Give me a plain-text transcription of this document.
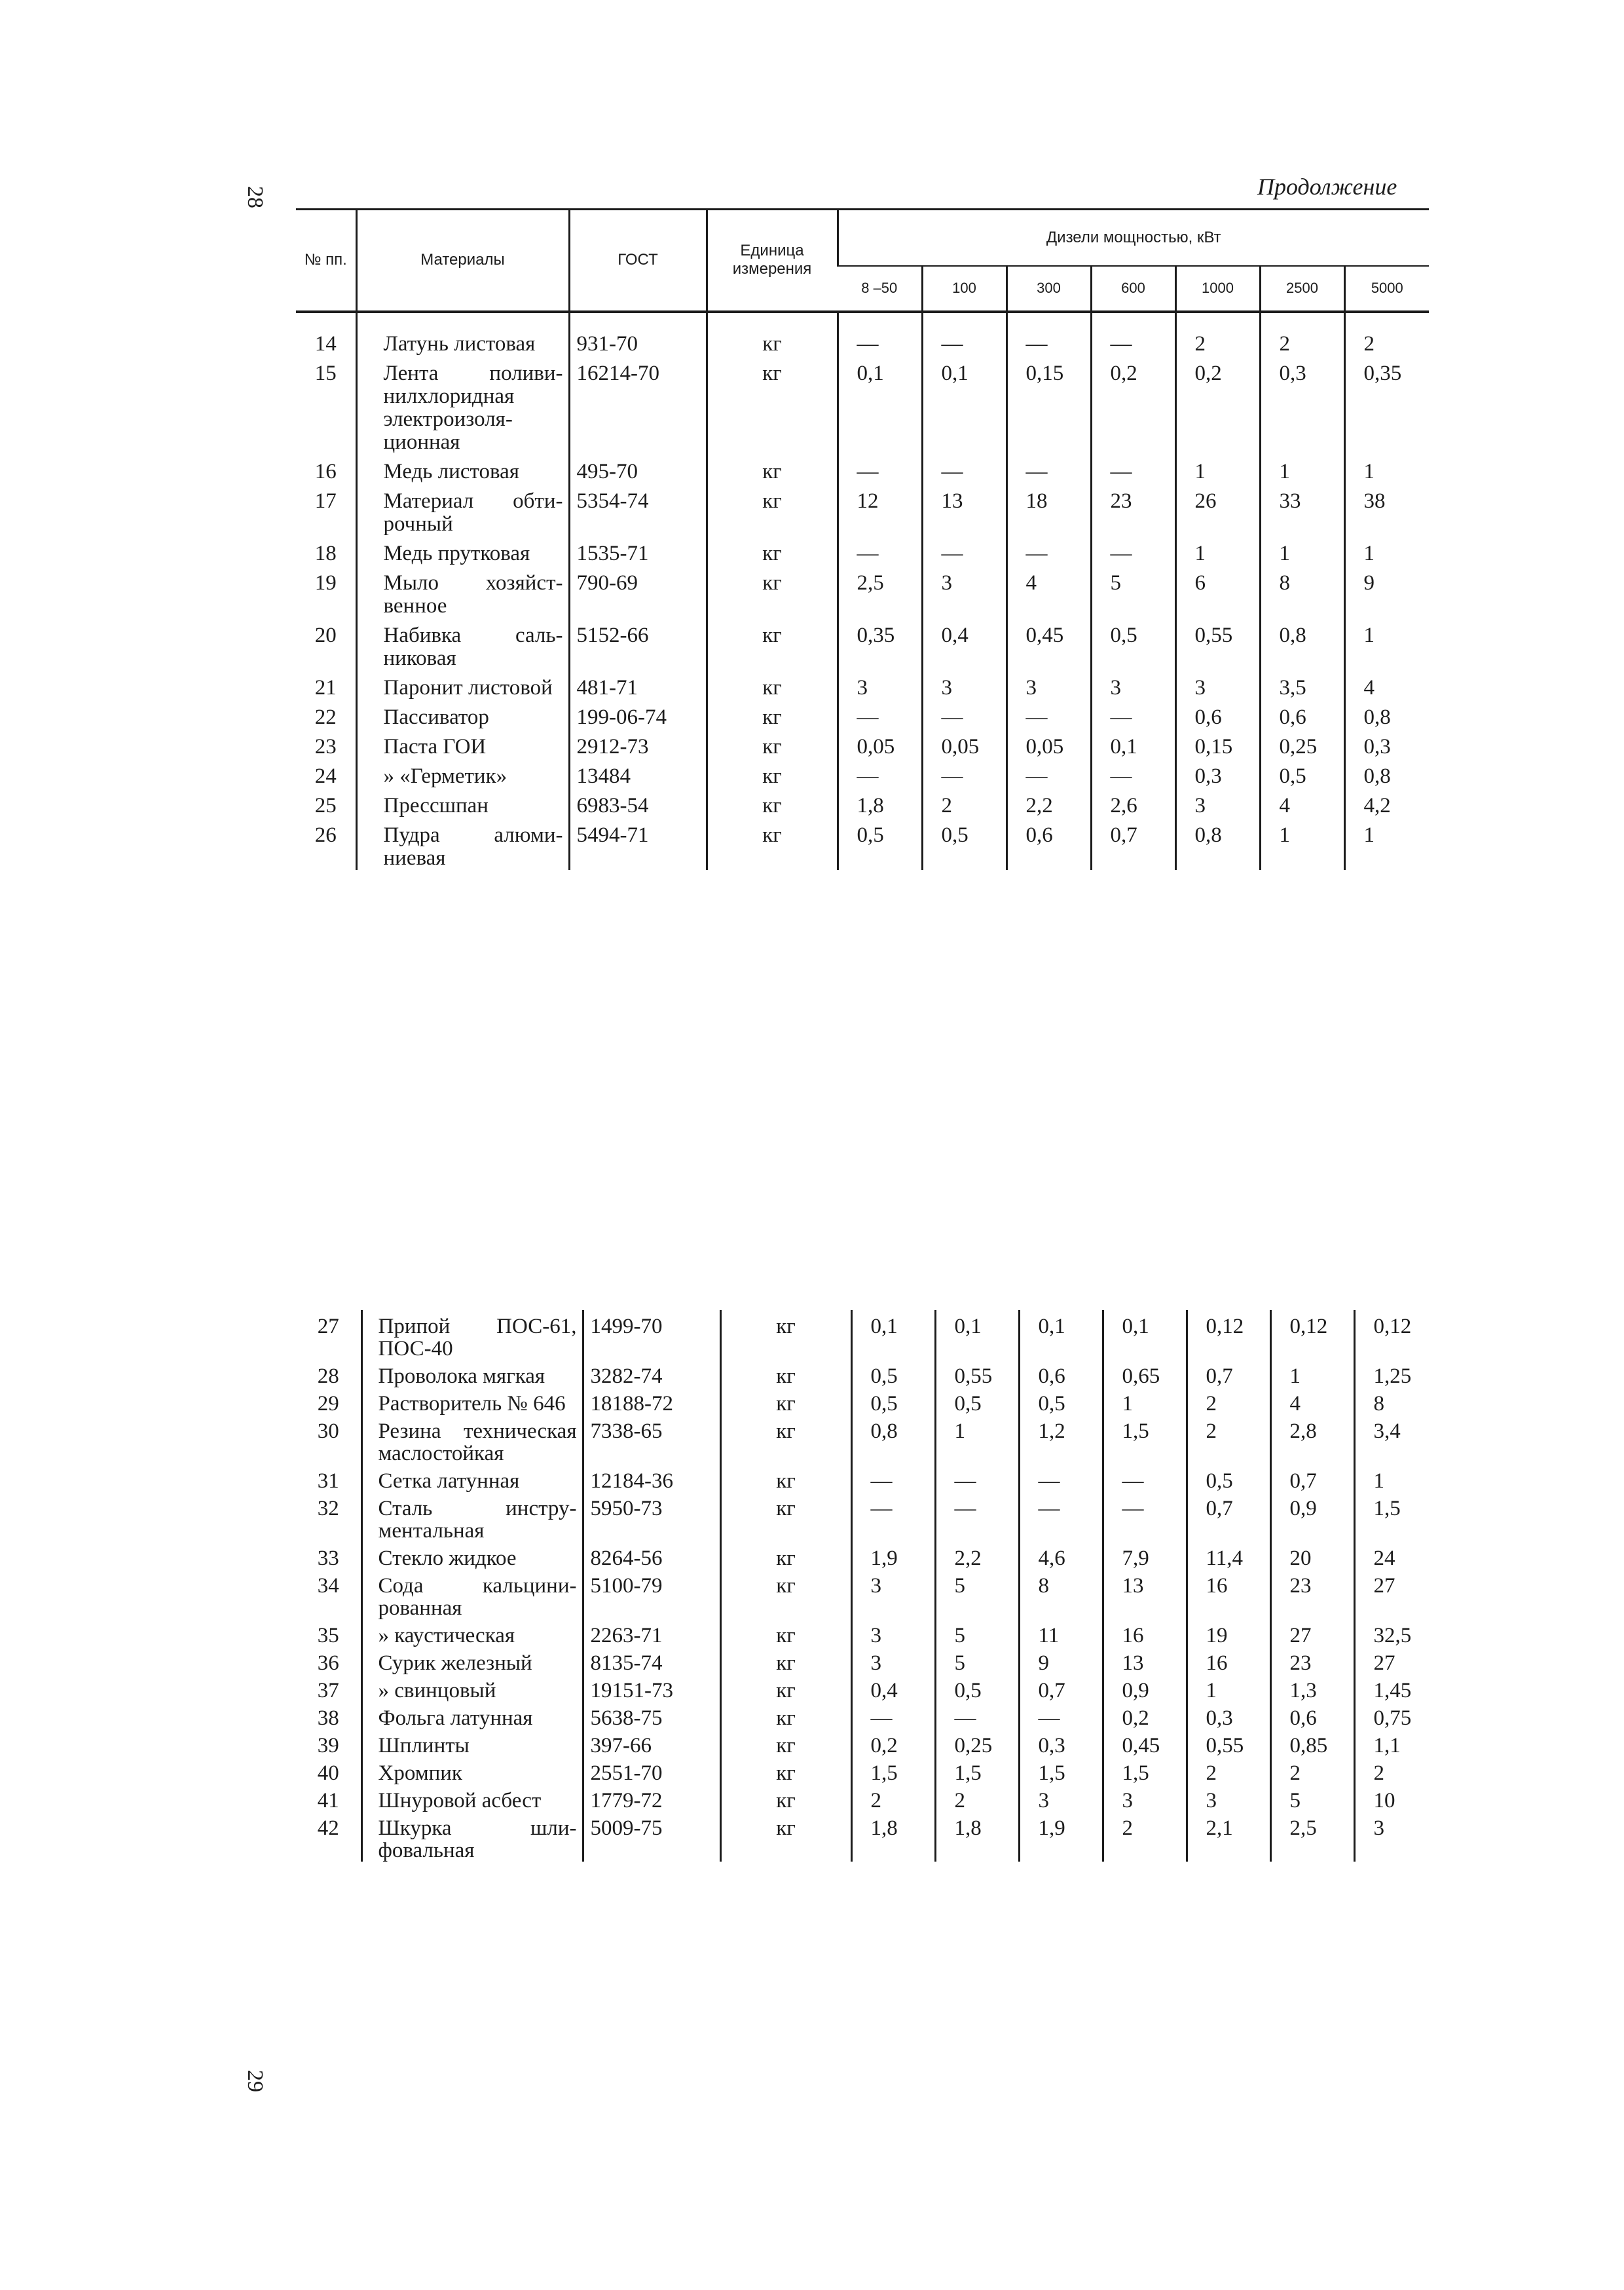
28	Продолжение
№ пп.	Материалы	ГОСТ	Единица измерения	Дизели мощностью, кВт						
				8 –50	100	300	600	1000	2500	5000
14	Латунь листовая	931-70	кг	—	—	—	—	2	2	2
15	Лента поливинилхлоридная электроизоляционная	16214-70	кг	0,1	0,1	0,15	0,2	0,2	0,3	0,35
16	Медь листовая	495-70	кг	—	—	—	—	1	1	1
17	Материал обтирочный	5354-74	кг	12	13	18	23	26	33	38
18	Медь прутковая	1535-71	кг	—	—	—	—	1	1	1
19	Мыло хозяйственное	790-69	кг	2,5	3	4	5	6	8	9
20	Набивка сальниковая	5152-66	кг	0,35	0,4	0,45	0,5	0,55	0,8	1
21	Паронит листовой	481-71	кг	3	3	3	3	3	3,5	4
22	Пассиватор	199-06-74	кг	—	—	—	—	0,6	0,6	0,8
23	Паста ГОИ	2912-73	кг	0,05	0,05	0,05	0,1	0,15	0,25	0,3
24	» «Герметик»	13484	кг	—	—	—	—	0,3	0,5	0,8
25	Прессшпан	6983-54	кг	1,8	2	2,2	2,6	3	4	4,2
26	Пудра алюминиевая	5494-71	кг	0,5	0,5	0,6	0,7	0,8	1	1
27	Припой ПОС-61, ПОС-40	1499-70	кг	0,1	0,1	0,1	0,1	0,12	0,12	0,12
28	Проволока мягкая	3282-74	кг	0,5	0,55	0,6	0,65	0,7	1	1,25
29	Растворитель № 646	18188-72	кг	0,5	0,5	0,5	1	2	4	8
30	Резина техническая маслостойкая	7338-65	кг	0,8	1	1,2	1,5	2	2,8	3,4
31	Сетка латунная	12184-36	кг	—	—	—	—	0,5	0,7	1
32	Сталь инструментальная	5950-73	кг	—	—	—	—	0,7	0,9	1,5
33	Стекло жидкое	8264-56	кг	1,9	2,2	4,6	7,9	11,4	20	24
34	Сода кальцинированная	5100-79	кг	3	5	8	13	16	23	27
35	» каустическая	2263-71	кг	3	5	11	16	19	27	32,5
36	Сурик железный	8135-74	кг	3	5	9	13	16	23	27
37	» свинцовый	19151-73	кг	0,4	0,5	0,7	0,9	1	1,3	1,45
38	Фольга латунная	5638-75	кг	—	—	—	0,2	0,3	0,6	0,75
39	Шплинты	397-66	кг	0,2	0,25	0,3	0,45	0,55	0,85	1,1
40	Хромпик	2551-70	кг	1,5	1,5	1,5	1,5	2	2	2
41	Шнуровой асбест	1779-72	кг	2	2	3	3	3	5	10
42	Шкурка шлифовальная	5009-75	кг	1,8	1,8	1,9	2	2,1	2,5	3
29
